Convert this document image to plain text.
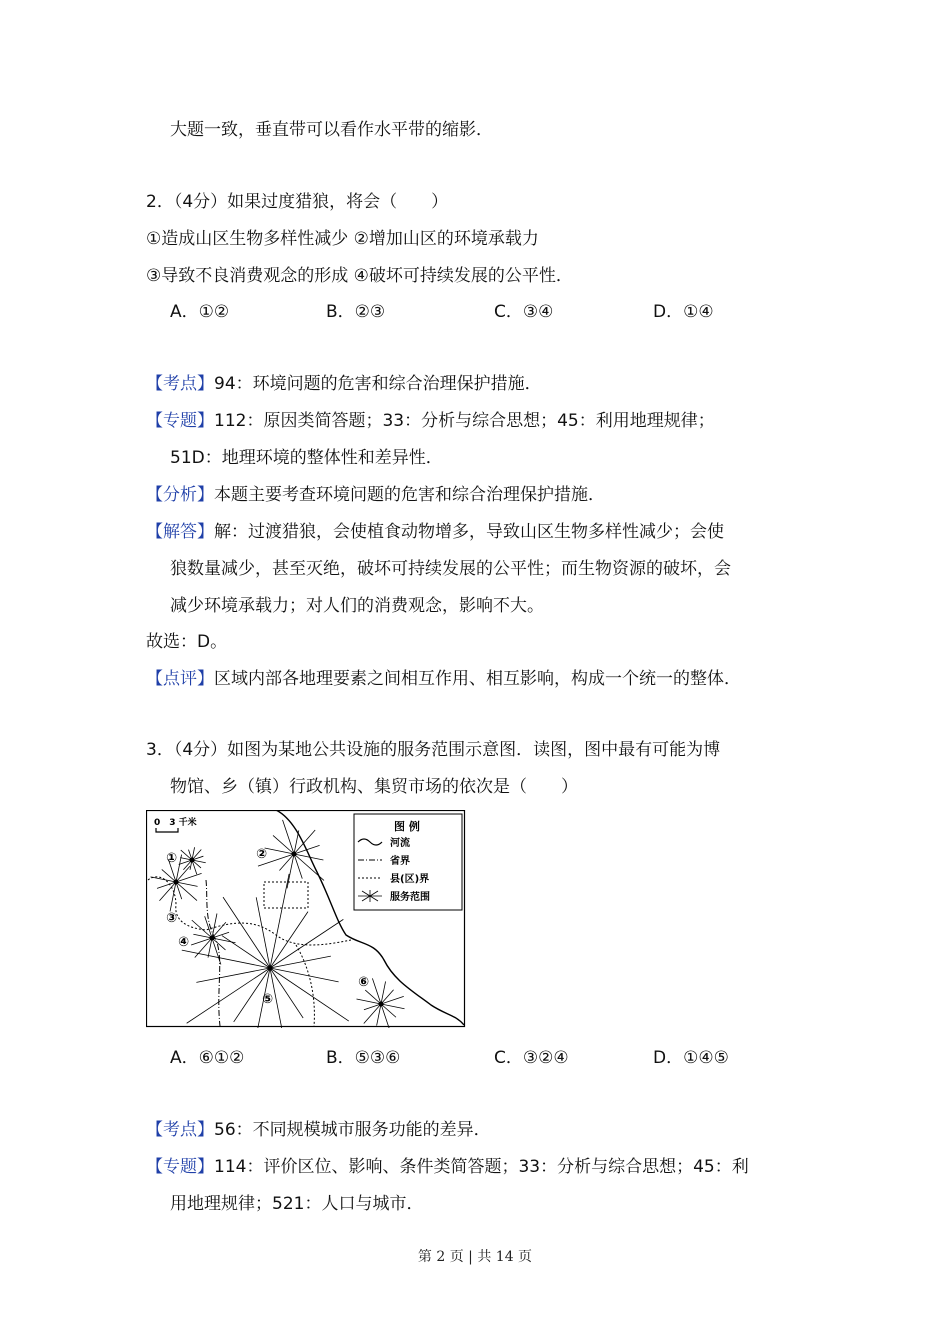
大题一致，垂直带可以看作水平带的缩影．
2．（4分）如果过度猎狼，将会（　　）
①造成山区生物多样性减少 ②增加山区的环境承载力
③导致不良消费观念的形成 ④破坏可持续发展的公平性．
A．①②	B．②③	C．③④	D．①④
【考点】94：环境问题的危害和综合治理保护措施．
【专题】112：原因类简答题；33：分析与综合思想；45：利用地理规律；
51D：地理环境的整体性和差异性．
【分析】本题主要考查环境问题的危害和综合治理保护措施．
【解答】解：过渡猎狼，会使植食动物增多，导致山区生物多样性减少；会使
狼数量减少，甚至灭绝，破坏可持续发展的公平性；而生物资源的破坏，会
减少环境承载力；对人们的消费观念，影响不大。
故选：D。
【点评】区域内部各地理要素之间相互作用、相互影响，构成一个统一的整体．
3．（4分）如图为某地公共设施的服务范围示意图．读图，图中最有可能为博
物馆、乡（镇）行政机构、集贸市场的依次是（　　）
0　3 千米	图 例
河流
省界
县(区)界
服务范围
①	②
③
④
⑤
⑥
A．⑥①②	B．⑤③⑥	C．③②④	D．①④⑤
【考点】56：不同规模城市服务功能的差异．
【专题】114：评价区位、影响、条件类简答题；33：分析与综合思想；45：利
用地理规律；521：人口与城市．
第 2 页 | 共 14 页
